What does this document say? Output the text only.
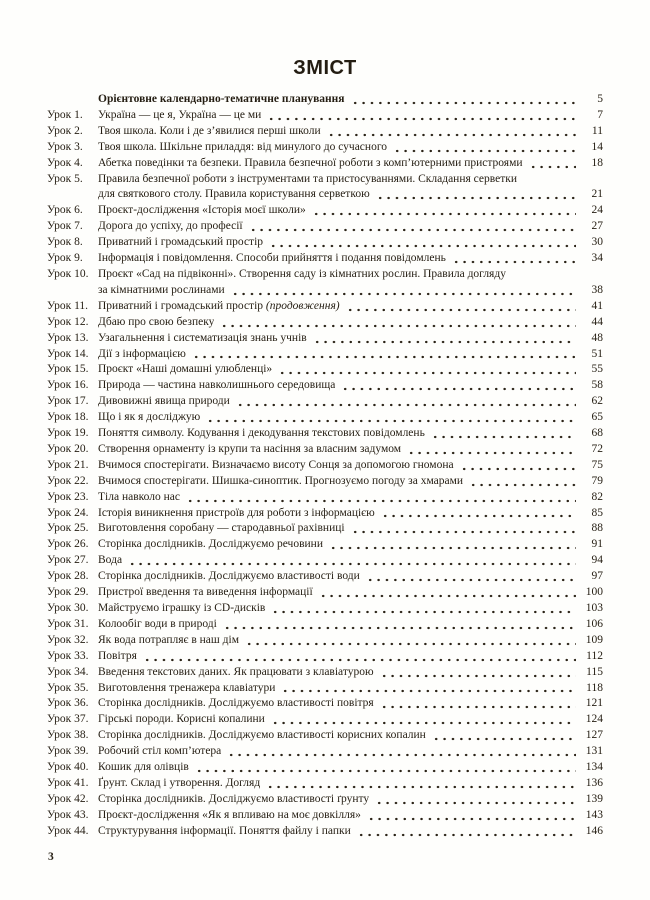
ЗМІСТ
Орієнтовне календарно-тематичне планування	5
Урок 1.	Україна — це я, Україна — це ми	7
Урок 2.	Твоя школа. Коли і де з’явилися перші школи	11
Урок 3.	Твоя школа. Шкільне приладдя: від минулого до сучасного	14
Урок 4.	Абетка поведінки та безпеки. Правила безпечної роботи з комп’ютерними пристроями	18
Урок 5.	Правила безпечної роботи з інструментами та пристосуваннями. Складання серветки
для святкового столу. Правила користування серветкою	21
Урок 6.	Проєкт-дослідження «Історія моєї школи»	24
Урок 7.	Дорога до успіху, до професії	27
Урок 8.	Приватний і громадський простір	30
Урок 9.	Інформація і повідомлення. Способи прийняття і подання повідомлень	34
Урок 10. Проєкт «Сад на підвіконні». Створення саду із кімнатних рослин. Правила догляду
за кімнатними рослинами	38
Урок 11. Приватний і громадський простір (продовження)	41
Урок 12. Дбаю про свою безпеку	44
Урок 13. Узагальнення і систематизація знань учнів	48
Урок 14. Дії з інформацією	51
Урок 15. Проєкт «Наші домашні улюбленці»	55
Урок 16. Природа — частина навколишнього середовища	58
Урок 17. Дивовижні явища природи	62
Урок 18. Що і як я досліджую	65
Урок 19. Поняття символу. Кодування і декодування текстових повідомлень	68
Урок 20. Створення орнаменту із крупи та насіння за власним задумом	72
Урок 21. Вчимося спостерігати. Визначаємо висоту Сонця за допомогою гномона	75
Урок 22. Вчимося спостерігати. Шишка-синоптик. Прогнозуємо погоду за хмарами	79
Урок 23. Тіла навколо нас	82
Урок 24. Історія виникнення пристроїв для роботи з інформацією	85
Урок 25. Виготовлення соробану — стародавньої рахівниці	88
Урок 26. Сторінка дослідників. Досліджуємо речовини	91
Урок 27. Вода	94
Урок 28. Сторінка дослідників. Досліджуємо властивості води	97
Урок 29. Пристрої введення та виведення інформації	100
Урок 30. Майструємо іграшку із CD-дисків	103
Урок 31. Колообіг води в природі	106
Урок 32. Як вода потрапляє в наш дім	109
Урок 33. Повітря	112
Урок 34. Введення текстових даних. Як працювати з клавіатурою	115
Урок 35. Виготовлення тренажера клавіатури	118
Урок 36. Сторінка дослідників. Досліджуємо властивості повітря	121
Урок 37. Гірські породи. Корисні копалини	124
Урок 38. Сторінка дослідників. Досліджуємо властивості корисних копалин	127
Урок 39. Робочий стіл комп’ютера	131
Урок 40. Кошик для олівців	134
Урок 41. Ґрунт. Склад і утворення. Догляд	136
Урок 42. Сторінка дослідників. Досліджуємо властивості ґрунту	139
Урок 43. Проєкт-дослідження «Як я впливаю на моє довкілля»	143
Урок 44. Структурування інформації. Поняття файлу і папки	146
3
